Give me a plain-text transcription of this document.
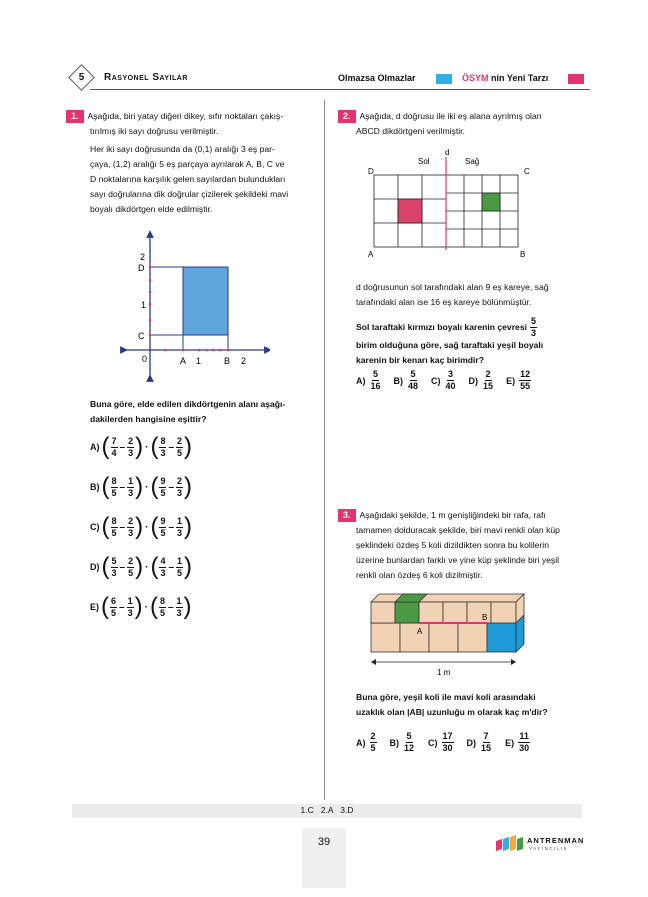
5	Rasyonel Sayılar	Olmazsa Olmazlar	ÖSYM nin Yeni Tarzı
1. Aşağıda, biri yatay diğeri dikey, sıfır noktaları çakış-
tırılmış iki sayı doğrusu verilmiştir.
Her iki sayı doğrusunda da (0,1) aralığı 3 eş par-
çaya, (1,2) aralığı 5 eş parçaya ayrılarak A, B, C ve
D noktalarına karşılık gelen sayılardan bulundukları
sayı doğrularına dik doğrular çizilerek şekildeki mavi
boyalı dikdörtgen elde edilmiştir.
2
D
1
C
0	A 1	B 2
Buna göre, elde edilen dikdörtgenin alanı aşağı-
dakilerden hangisine eşittir?
A) ( $\frac{7}{4} - \frac{2}{3}$ ) · ( $\frac{8}{3} - \frac{2}{5}$ )
B) ( $\frac{8}{5} - \frac{1}{3}$ ) · ( $\frac{9}{5} - \frac{2}{3}$ )
C) ( $\frac{8}{5} - \frac{2}{3}$ ) · ( $\frac{9}{5} - \frac{1}{3}$ )
D) ( $\frac{5}{3} - \frac{2}{5}$ ) · ( $\frac{4}{3} - \frac{1}{5}$ )
E) ( $\frac{6}{5} - \frac{1}{3}$ ) · ( $\frac{8}{5} - \frac{1}{3}$ )
2. Aşağıda, d doğrusu ile iki eş alana ayrılmış olan
ABCD dikdörtgeni verilmiştir.
d
Sol	Sağ
D	C
A	B
d doğrusunun sol tarafındaki alan 9 eş kareye, sağ
tarafındaki alan ise 16 eş kareye bölünmüştür.
Sol taraftaki kırmızı boyalı karenin çevresi $\frac{5}{3}$
birim olduğuna göre, sağ taraftaki yeşil boyalı
karenin bir kenarı kaç birimdir?
$A) \frac{5}{16} B) \frac{5}{48} C) \frac{3}{40} D) \frac{2}{15} E) \frac{12}{55}$
3. Aşağıdaki şekilde, 1 m genişliğindeki bir rafa, rafı
tamamen dolduracak şekilde, biri mavi renkli olan küp
şeklindeki özdeş 5 koli dizildikten sonra bu kolilerin
üzerine bunlardan farklı ve yine küp şeklinde biri yeşil
renkli olan özdeş 6 koli dizilmiştir.
A
B
1 m
Buna göre, yeşil koli ile mavi koli arasındaki
uzaklık olan |AB| uzunluğu m olarak kaç m'dir?
$A) \frac{2}{5} B) \frac{5}{12} C) \frac{17}{30} D) \frac{7}{15} E) \frac{11}{30}$
1.C   2.A   3.D
39	ANTRENMAN
YAYINCILIK
